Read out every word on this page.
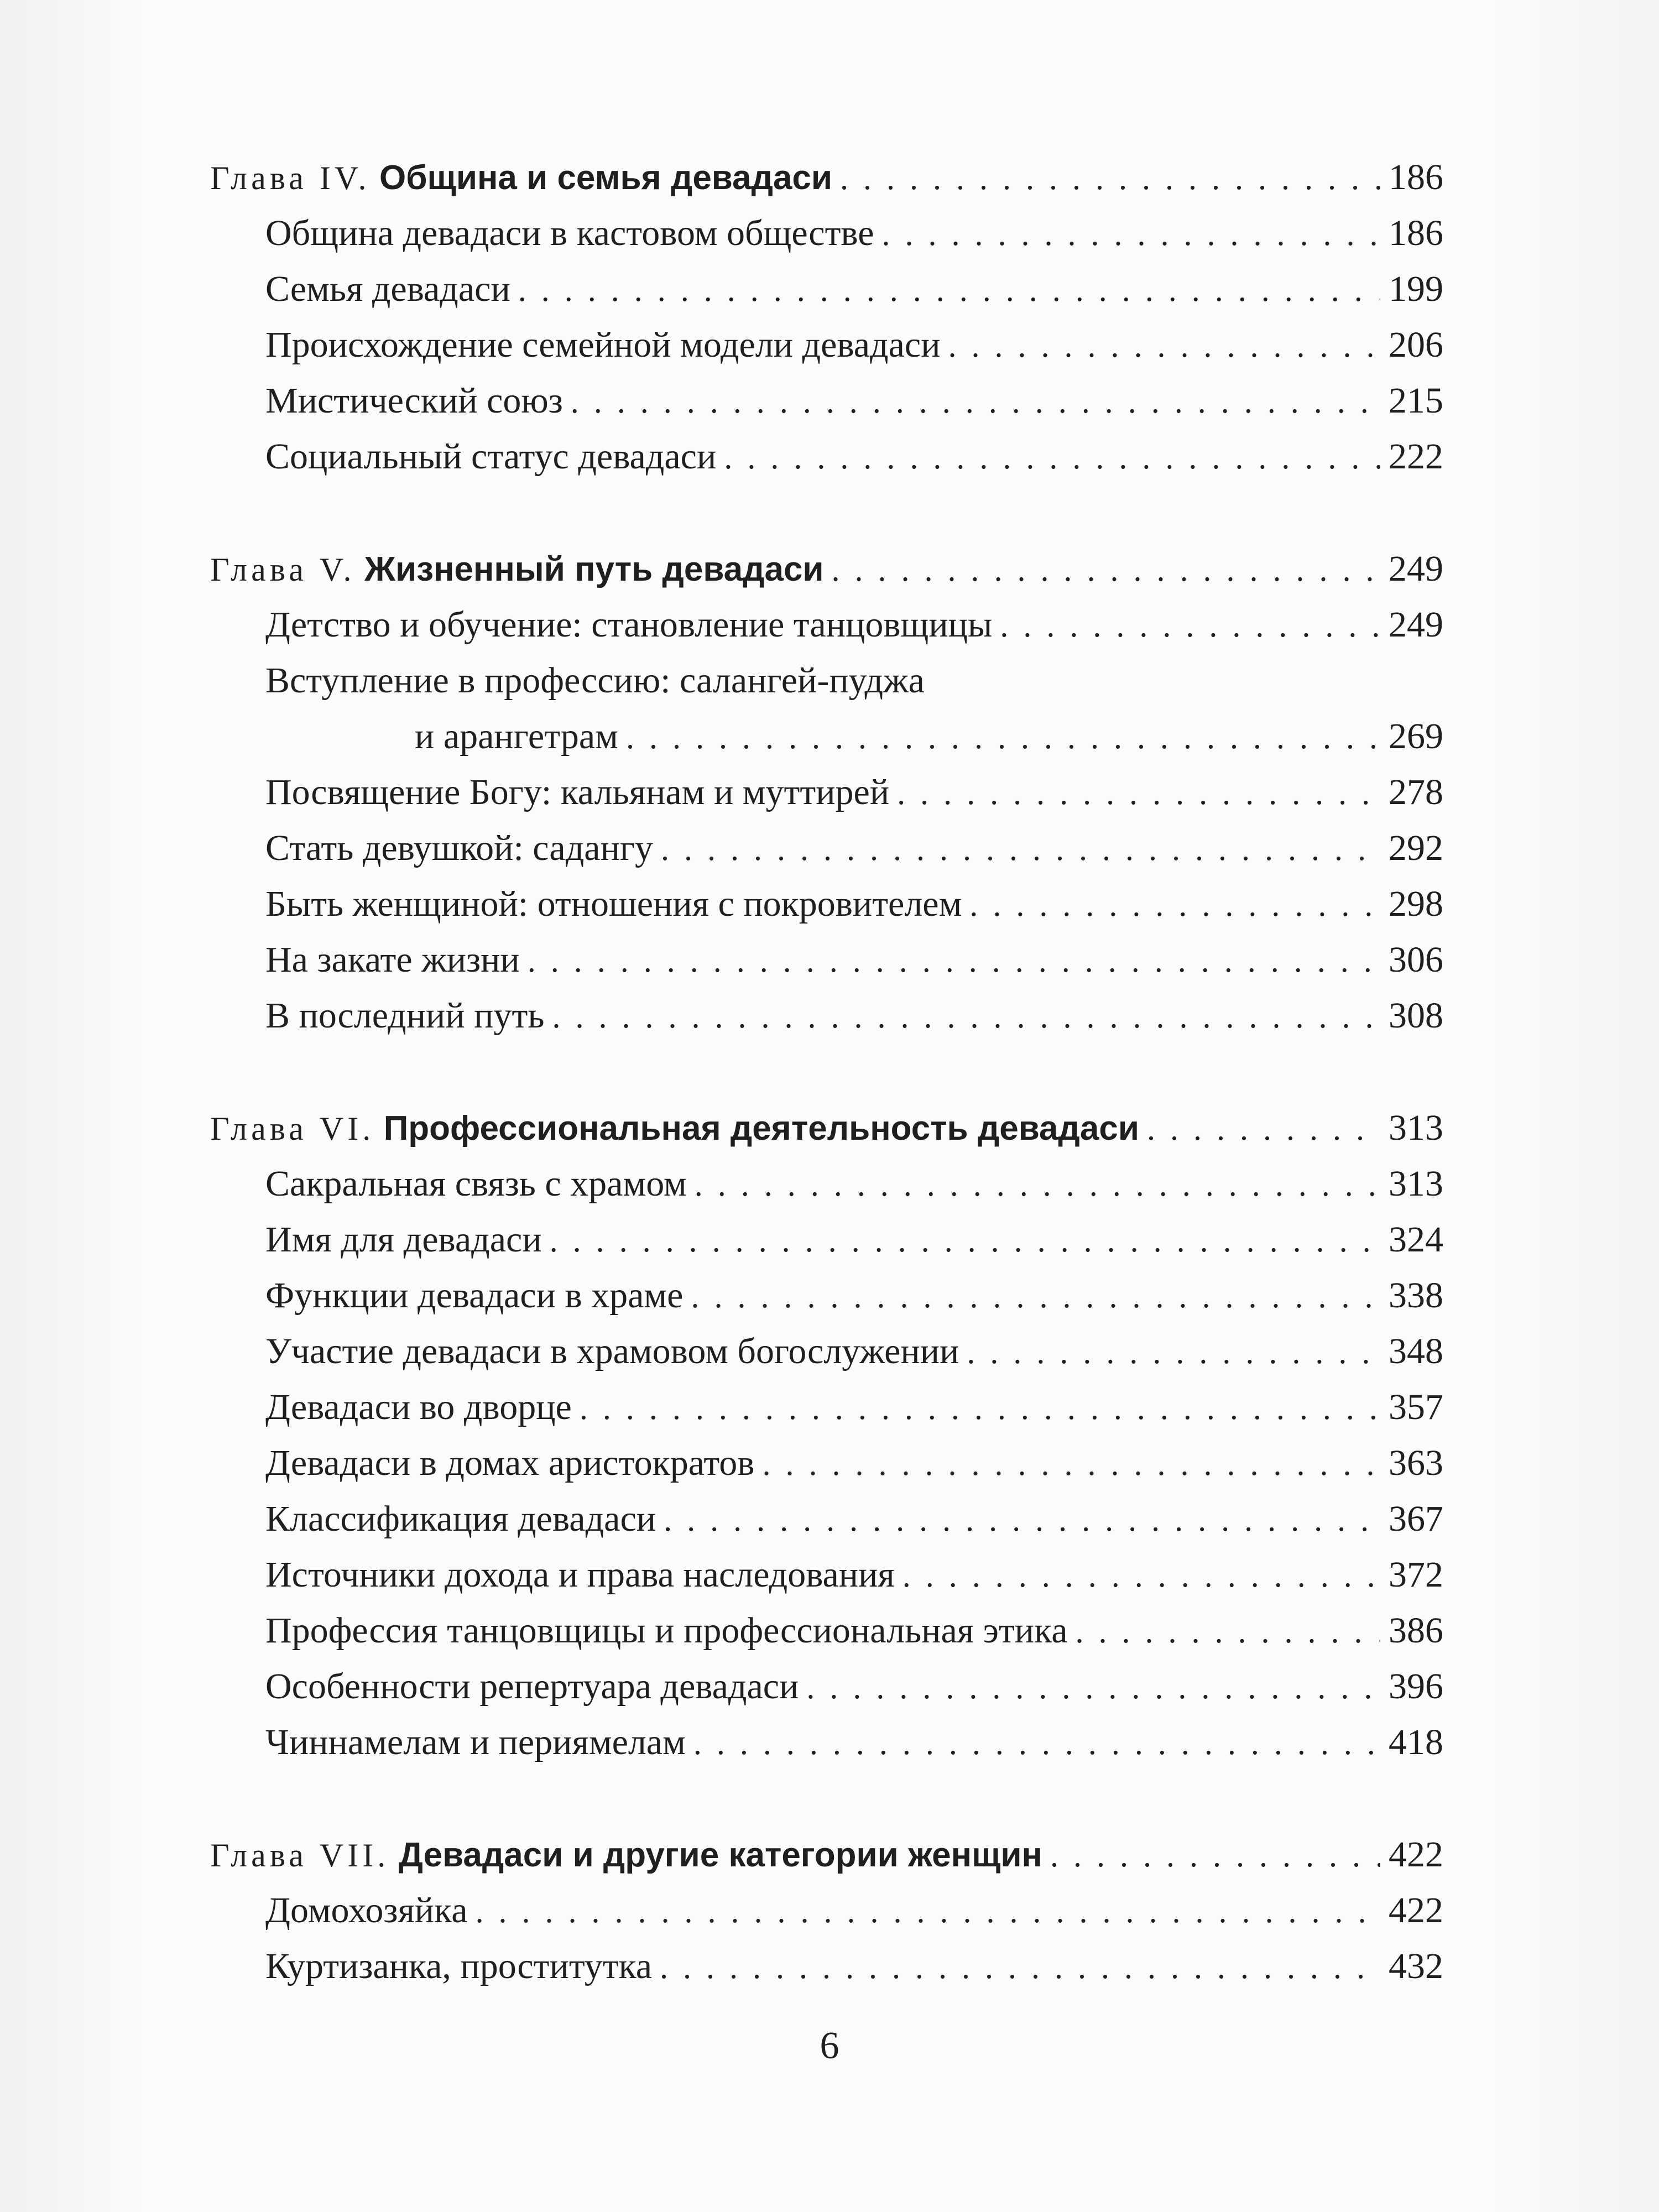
Глава IV. Община и семья девадаси . . .	186
Община девадаси в кастовом обществе . . .	186
Семья девадаси . . .	199
Происхождение семейной модели девадаси . . .	206
Мистический союз . . .	215
Социальный статус девадаси . . .	222
Глава V. Жизненный путь девадаси . . .	249
Детство и обучение: становление танцовщицы . . .	249
Вступление в профессию: салангей-пуджа
и арангетрам . . .	269
Посвящение Богу: кальянам и муттирей . . .	278
Стать девушкой: садангу . . .	292
Быть женщиной: отношения с покровителем . . .	298
На закате жизни . . .	306
В последний путь . . .	308
Глава VI. Профессиональная деятельность девадаси . . .	313
Сакральная связь с храмом . . .	313
Имя для девадаси . . .	324
Функции девадаси в храме . . .	338
Участие девадаси в храмовом богослужении . . .	348
Девадаси во дворце . . .	357
Девадаси в домах аристократов . . .	363
Классификация девадаси . . .	367
Источники дохода и права наследования . . .	372
Профессия танцовщицы и профессиональная этика . . .	386
Особенности репертуара девадаси . . .	396
Чиннамелам и периямелам . . .	418
Глава VII. Девадаси и другие категории женщин . . .	422
Домохозяйка . . .	422
Куртизанка, проститутка . . .	432
6
